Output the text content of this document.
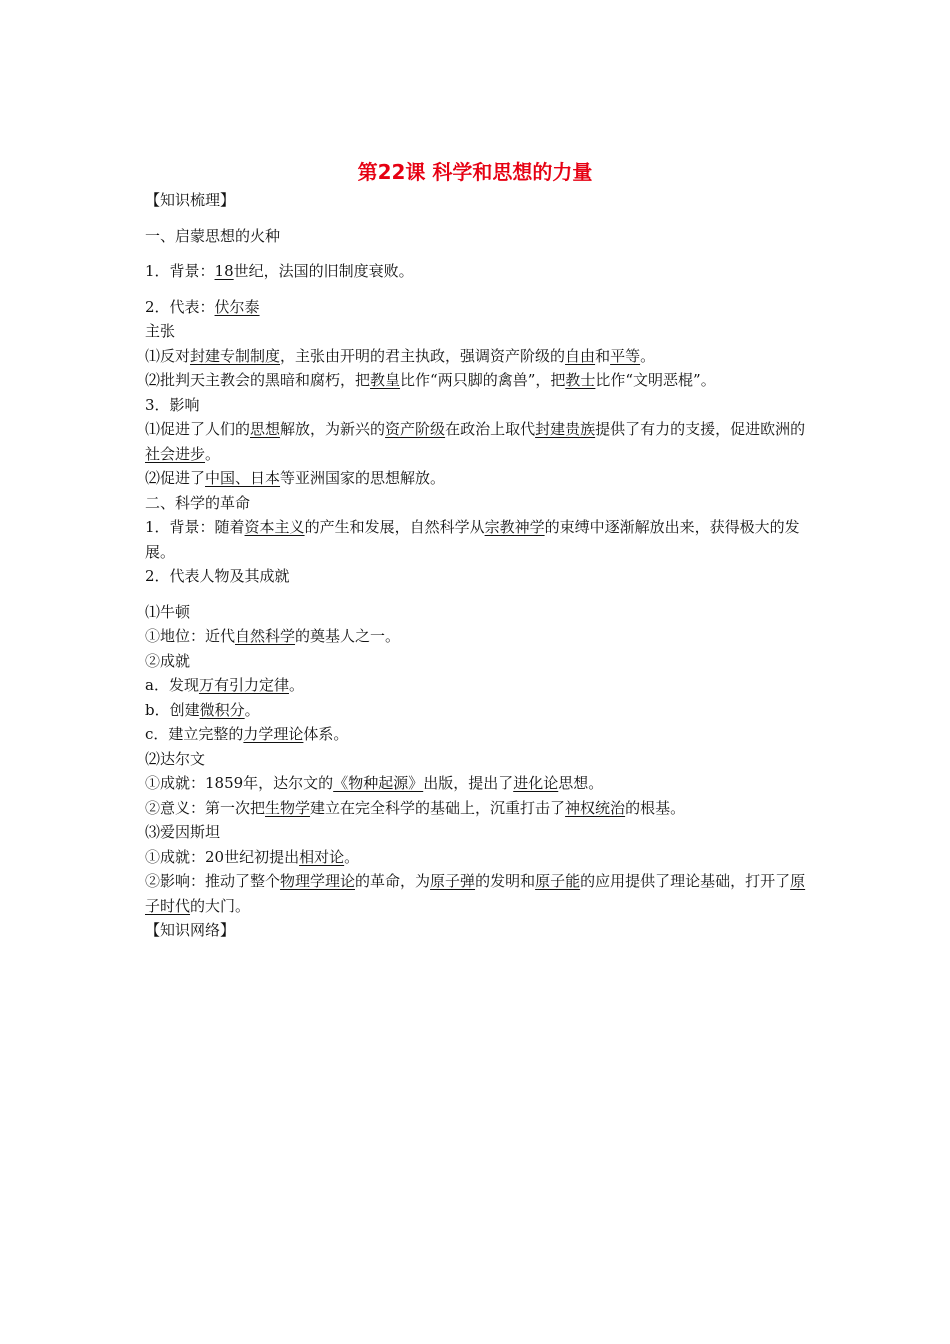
第22课 科学和思想的力量

【知识梳理】

一、启蒙思想的火种

1．背景：18世纪，法国的旧制度衰败。

2．代表：伏尔泰

主张

⑴反对封建专制制度，主张由开明的君主执政，强调资产阶级的自由和平等。

⑵批判天主教会的黑暗和腐朽，把教皇比作“两只脚的禽兽”，把教士比作“文明恶棍”。

3．影响

⑴促进了人们的思想解放，为新兴的资产阶级在政治上取代封建贵族提供了有力的支援，促进欧洲的社会进步。

⑵促进了中国、日本等亚洲国家的思想解放。

二、科学的革命

1．背景：随着资本主义的产生和发展，自然科学从宗教神学的束缚中逐渐解放出来，获得极大的发展。

2．代表人物及其成就

⑴牛顿

①地位：近代自然科学的奠基人之一。

②成就

a．发现万有引力定律。

b．创建微积分。

c．建立完整的力学理论体系。

⑵达尔文

①成就：1859年，达尔文的《物种起源》出版，提出了进化论思想。

②意义：第一次把生物学建立在完全科学的基础上，沉重打击了神权统治的根基。

⑶爱因斯坦

①成就：20世纪初提出相对论。

②影响：推动了整个物理学理论的革命，为原子弹的发明和原子能的应用提供了理论基础，打开了原子时代的大门。

【知识网络】
